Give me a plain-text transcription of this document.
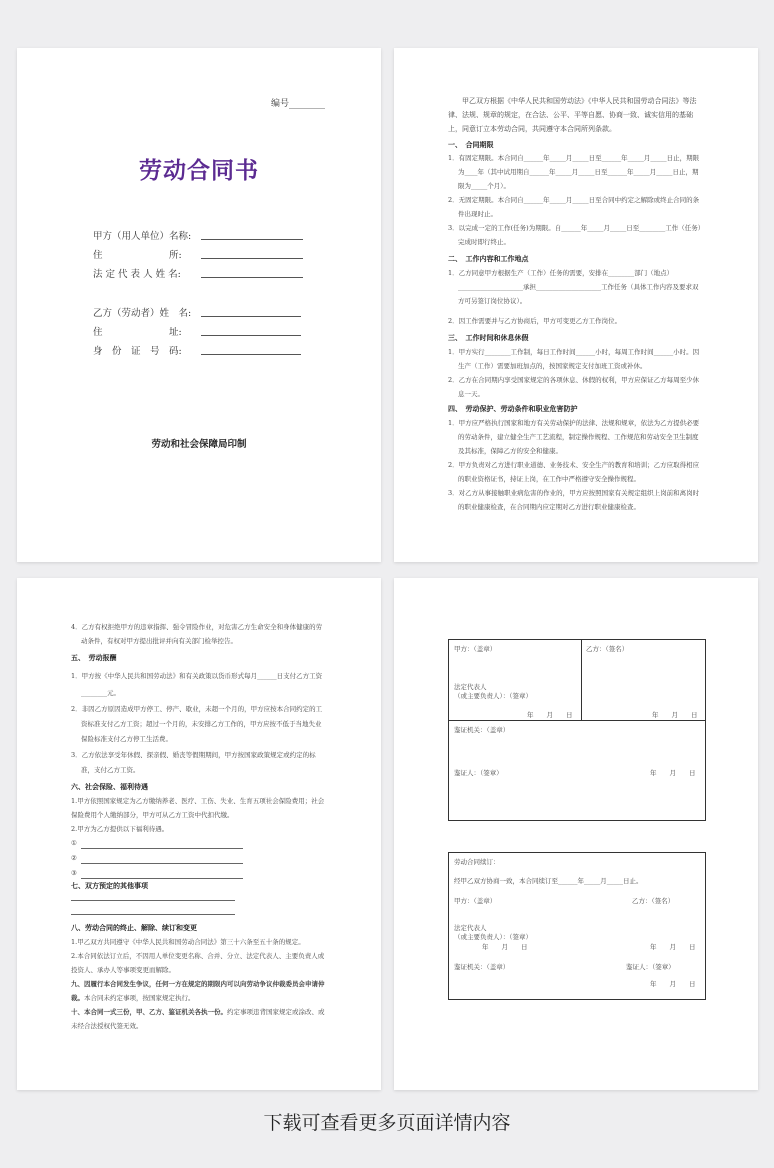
编号________
劳动合同书
甲方（用人单位）名称:
住　　　　　　　所:
法 定 代 表 人 姓 名:
乙方（劳动者）姓　名:
住　　　　　　　址:
身　份　证　号　码:
劳动和社会保障局印制
甲乙双方根据《中华人民共和国劳动法》《中华人民共和国劳动合同法》等法律、法规、规章的规定，在合法、公平、平等自愿、协商一致、诚实信用的基础上，同意订立本劳动合同，共同遵守本合同所列条款。
一、　合同期限
1．有固定期限。本合同自______年_____月_____日至______年_____月_____日止，期限为____年（其中试用期自______年_____月_____日至______年_____月_____日止，期限为_____个月）。
2．无固定期限。本合同自______年_____月_____日至合同中约定之解除或终止合同的条件出现时止。
3．以完成一定的工作(任务)为期限。自______年_____月_____日至________工作（任务）完成时即行终止。
二、　工作内容和工作地点
1．乙方同意甲方根据生产（工作）任务的需要，安排在________部门（地点）____________________承担____________________工作任务（具体工作内容及要求双方可另签订岗位协议）。
2．因工作需要并与乙方协商后，甲方可变更乙方工作岗位。
三、　工作时间和休息休假
1．甲方实行________工作制，每日工作时间______小时，每周工作时间______小时。因生产（工作）需要加班加点的，按国家规定支付加班工资或补休。
2．乙方在合同期内享受国家规定的各项休息、休假的权利，甲方应保证乙方每周至少休息一天。
四、　劳动保护、劳动条件和职业危害防护
1．甲方应严格执行国家和地方有关劳动保护的法律、法规和规章，依法为乙方提供必要的劳动条件，建立健全生产工艺流程，制定操作规程、工作规范和劳动安全卫生制度及其标准，保障乙方的安全和健康。
2．甲方负责对乙方进行职业道德、业务技术、安全生产的教育和培训；乙方应取得相应的职业资格证书，持证上岗，在工作中严格遵守安全操作规程。
3．对乙方从事接触职业病危害的作业的，甲方应按照国家有关规定组织上岗前和离岗时的职业健康检查，在合同期内应定期对乙方进行职业健康检查。
4．乙方有权拒绝甲方的违章指挥、强令冒险作业，对危害乙方生命安全和身体健康的劳动条件，有权对甲方提出批评并向有关部门检举控告。
五、　劳动报酬
1．甲方按《中华人民共和国劳动法》和有关政策以货币形式每月______日支付乙方工资________元。
2．非因乙方原因造成甲方停工、停产、歇业，未超一个月的，甲方应按本合同约定的工资标准支付乙方工资；超过一个月的，未安排乙方工作的，甲方应按不低于当地失业保险标准支付乙方停工生活费。
3．乙方依法享受年休假、探亲假、婚丧等假期期间，甲方按国家政策规定或约定的标准，支付乙方工资。
六、社会保险、福利待遇
1.甲方依照国家规定为乙方缴纳养老、医疗、工伤、失业、生育五项社会保险费用；社会保险费用个人缴纳部分，甲方可从乙方工资中代扣代缴。
2.甲方为乙方提供以下福利待遇。
①
②
③
七、双方预定的其他事项
八、劳动合同的终止、解除、续订和变更
1.甲乙双方共同遵守《中华人民共和国劳动合同法》第三十六条至五十条的规定。
2.本合同依法订立后，不因用人单位变更名称、合并、分立、法定代表人、主要负责人或投资人、承办人等事项变更而解除。
九、因履行本合同发生争议，任何一方在规定的期限内可以向劳动争议仲裁委员会申请仲裁。本合同未约定事项，按国家规定执行。
十、本合同一式三份，甲、乙方、鉴证机关各执一份。约定事项违背国家规定或涂改、或未经合法授权代签无效。
甲方：（盖章）	乙方：（签名）
法定代表人
（或主要负责人）：（签章）
年　　月　　日	年　　月　　日
鉴证机关：（盖章）
鉴证人：（签章）	年　　月　　日
劳动合同续订：
经甲乙双方协商一致，本合同续订至______年_____月_____日止。
甲方：（盖章）	乙方：（签名）
法定代表人
（或主要负责人）：（签章）
年　　月　　日	年　　月　　日
鉴证机关：（盖章）	鉴证人：（签章）
年　　月　　日
下载可查看更多页面详情内容
